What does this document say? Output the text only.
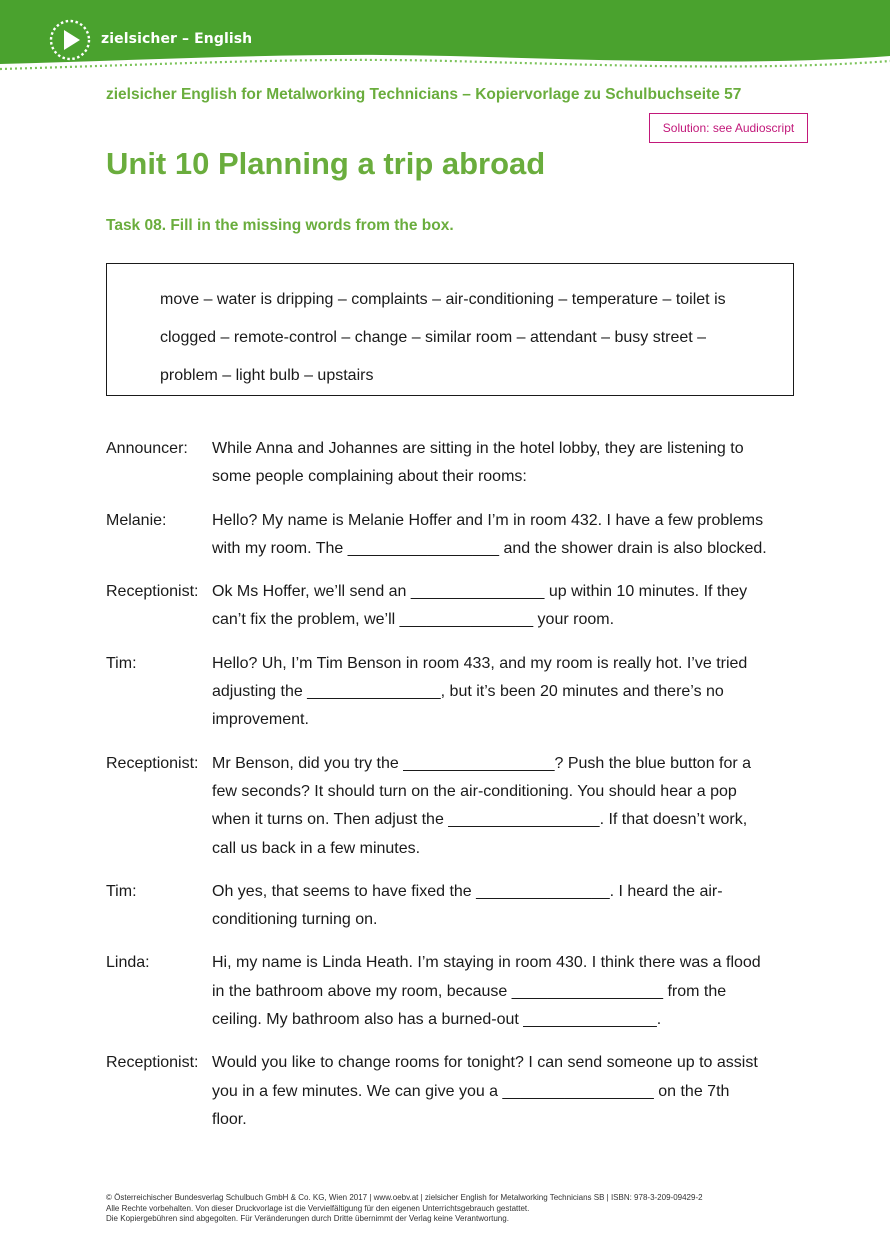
zielsicher – English
zielsicher English for Metalworking Technicians – Kopiervorlage zu Schulbuchseite 57
Solution: see Audioscript
Unit 10 Planning a trip abroad
Task 08. Fill in the missing words from the box.
move – water is dripping – complaints – air-conditioning – temperature – toilet is
clogged – remote-control – change – similar room – attendant – busy street –
problem – light bulb – upstairs
Announcer:	While Anna and Johannes are sitting in the hotel lobby, they are listening to
some people complaining about their rooms:
Melanie:	Hello? My name is Melanie Hoffer and I’m in room 432. I have a few problems
with my room. The _________________ and the shower drain is also blocked.
Receptionist: Ok Ms Hoffer, we’ll send an _______________ up within 10 minutes. If they
can’t fix the problem, we’ll _______________ your room.
Tim:	Hello? Uh, I’m Tim Benson in room 433, and my room is really hot. I’ve tried
adjusting the _______________, but it’s been 20 minutes and there’s no
improvement.
Receptionist: Mr Benson, did you try the _________________? Push the blue button for a
few seconds? It should turn on the air-conditioning. You should hear a pop
when it turns on. Then adjust the _________________. If that doesn’t work,
call us back in a few minutes.
Tim:	Oh yes, that seems to have fixed the _______________. I heard the air-
conditioning turning on.
Linda:	Hi, my name is Linda Heath. I’m staying in room 430. I think there was a flood
in the bathroom above my room, because _________________ from the
ceiling. My bathroom also has a burned-out _______________.
Receptionist: Would you like to change rooms for tonight? I can send someone up to assist
you in a few minutes. We can give you a _________________ on the 7th
floor.
© Österreichischer Bundesverlag Schulbuch GmbH & Co. KG, Wien 2017 | www.oebv.at | zielsicher English for Metalworking Technicians SB | ISBN: 978-3-209-09429-2
Alle Rechte vorbehalten. Von dieser Druckvorlage ist die Vervielfältigung für den eigenen Unterrichtsgebrauch gestattet.
Die Kopiergebühren sind abgegolten. Für Veränderungen durch Dritte übernimmt der Verlag keine Verantwortung.
